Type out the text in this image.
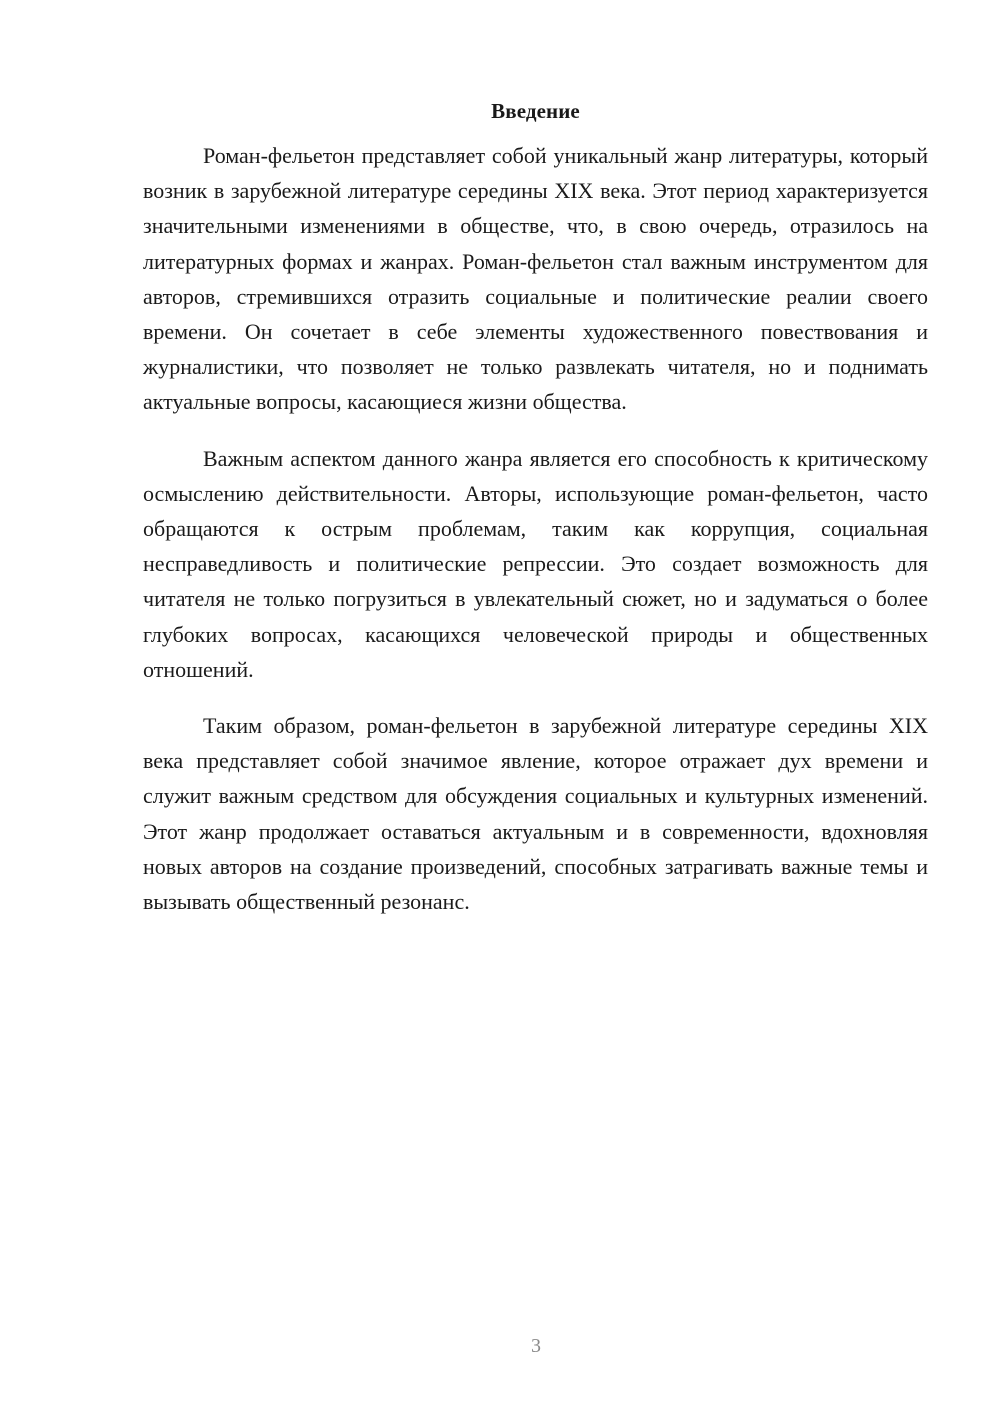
Введение

Роман-фельетон представляет собой уникальный жанр литературы, который возник в зарубежной литературе середины XIX века. Этот период характеризуется значительными изменениями в обществе, что, в свою очередь, отразилось на литературных формах и жанрах. Роман-фельетон стал важным инструментом для авторов, стремившихся отразить социальные и политические реалии своего времени. Он сочетает в себе элементы художественного повествования и журналистики, что позволяет не только развлекать читателя, но и поднимать актуальные вопросы, касающиеся жизни общества.

Важным аспектом данного жанра является его способность к критическому осмыслению действительности. Авторы, использующие роман-фельетон, часто обращаются к острым проблемам, таким как коррупция, социальная несправедливость и политические репрессии. Это создает возможность для читателя не только погрузиться в увлекательный сюжет, но и задуматься о более глубоких вопросах, касающихся человеческой природы и общественных отношений.

Таким образом, роман-фельетон в зарубежной литературе середины XIX века представляет собой значимое явление, которое отражает дух времени и служит важным средством для обсуждения социальных и культурных изменений. Этот жанр продолжает оставаться актуальным и в современности, вдохновляя новых авторов на создание произведений, способных затрагивать важные темы и вызывать общественный резонанс.

3
